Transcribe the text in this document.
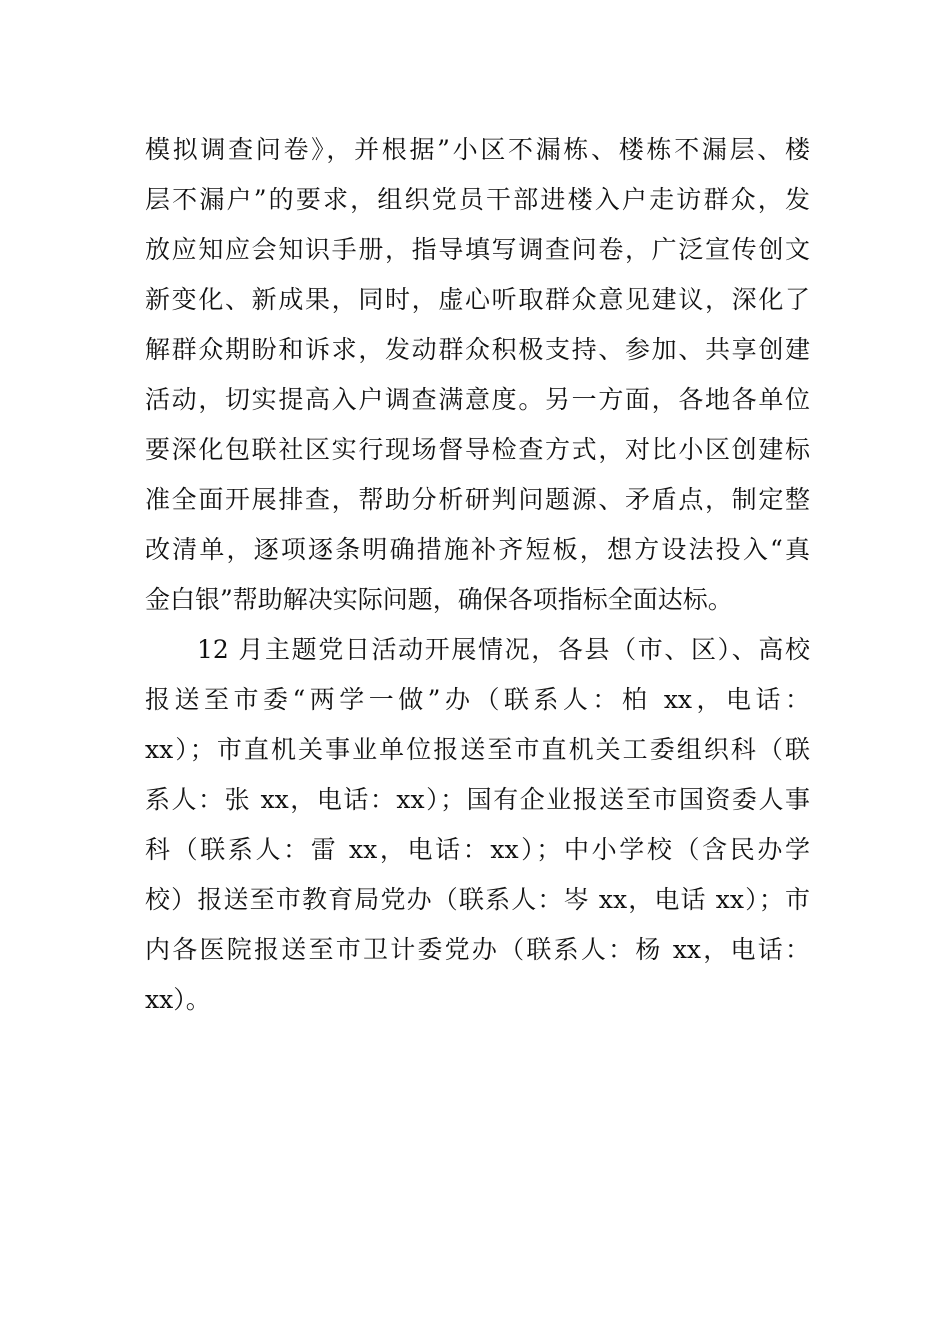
模拟调查问卷》，并根据”小区不漏栋、楼栋不漏层、楼
层不漏户”的要求，组织党员干部进楼入户走访群众，发
放应知应会知识手册，指导填写调查问卷，广泛宣传创文
新变化、新成果，同时，虚心听取群众意见建议，深化了
解群众期盼和诉求，发动群众积极支持、参加、共享创建
活动，切实提高入户调查满意度。另一方面，各地各单位
要深化包联社区实行现场督导检查方式，对比小区创建标
准全面开展排查，帮助分析研判问题源、矛盾点，制定整
改清单，逐项逐条明确措施补齐短板，想方设法投入“真
金白银”帮助解决实际问题，确保各项指标全面达标。
12 月主题党日活动开展情况，各县（市、区）、高校
报送至市委“两学一做”办（联系人：柏 xx，电话：
xx）；市直机关事业单位报送至市直机关工委组织科（联
系人：张 xx，电话：xx）；国有企业报送至市国资委人事
科（联系人：雷 xx，电话：xx）；中小学校（含民办学
校）报送至市教育局党办（联系人：岑 xx，电话 xx）；市
内各医院报送至市卫计委党办（联系人：杨 xx，电话：
xx）。
